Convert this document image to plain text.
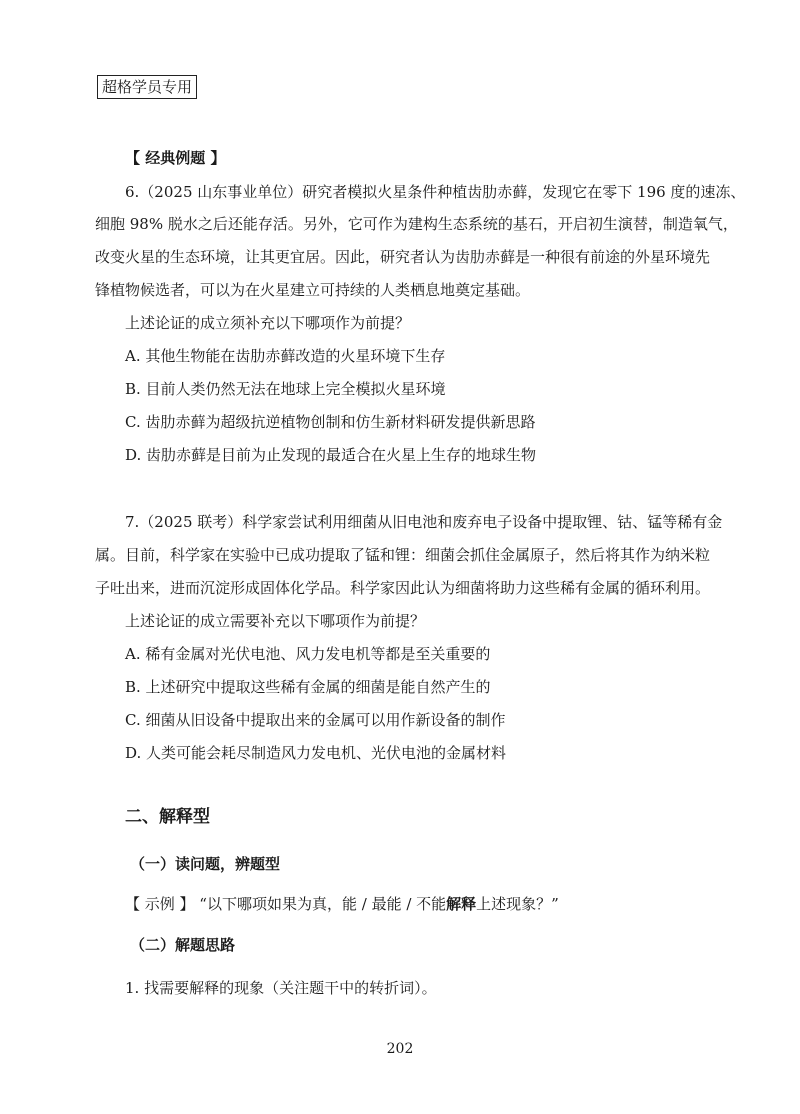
超格学员专用
【 经典例题 】
6.（2025 山东事业单位）研究者模拟火星条件种植齿肋赤藓，发现它在零下 196 度的速冻、
细胞 98% 脱水之后还能存活。另外，它可作为建构生态系统的基石，开启初生演替，制造氧气，
改变火星的生态环境，让其更宜居。因此，研究者认为齿肋赤藓是一种很有前途的外星环境先
锋植物候选者，可以为在火星建立可持续的人类栖息地奠定基础。
上述论证的成立须补充以下哪项作为前提？
A. 其他生物能在齿肋赤藓改造的火星环境下生存
B. 目前人类仍然无法在地球上完全模拟火星环境
C. 齿肋赤藓为超级抗逆植物创制和仿生新材料研发提供新思路
D. 齿肋赤藓是目前为止发现的最适合在火星上生存的地球生物
7.（2025 联考）科学家尝试利用细菌从旧电池和废弃电子设备中提取锂、钴、锰等稀有金
属。目前，科学家在实验中已成功提取了锰和锂：细菌会抓住金属原子，然后将其作为纳米粒
子吐出来，进而沉淀形成固体化学品。科学家因此认为细菌将助力这些稀有金属的循环利用。
上述论证的成立需要补充以下哪项作为前提？
A. 稀有金属对光伏电池、风力发电机等都是至关重要的
B. 上述研究中提取这些稀有金属的细菌是能自然产生的
C. 细菌从旧设备中提取出来的金属可以用作新设备的制作
D. 人类可能会耗尽制造风力发电机、光伏电池的金属材料
二、解释型
（一）读问题，辨题型
【 示例 】 “以下哪项如果为真，能 / 最能 / 不能解释上述现象？”
（二）解题思路
1. 找需要解释的现象（关注题干中的转折词）。
202
